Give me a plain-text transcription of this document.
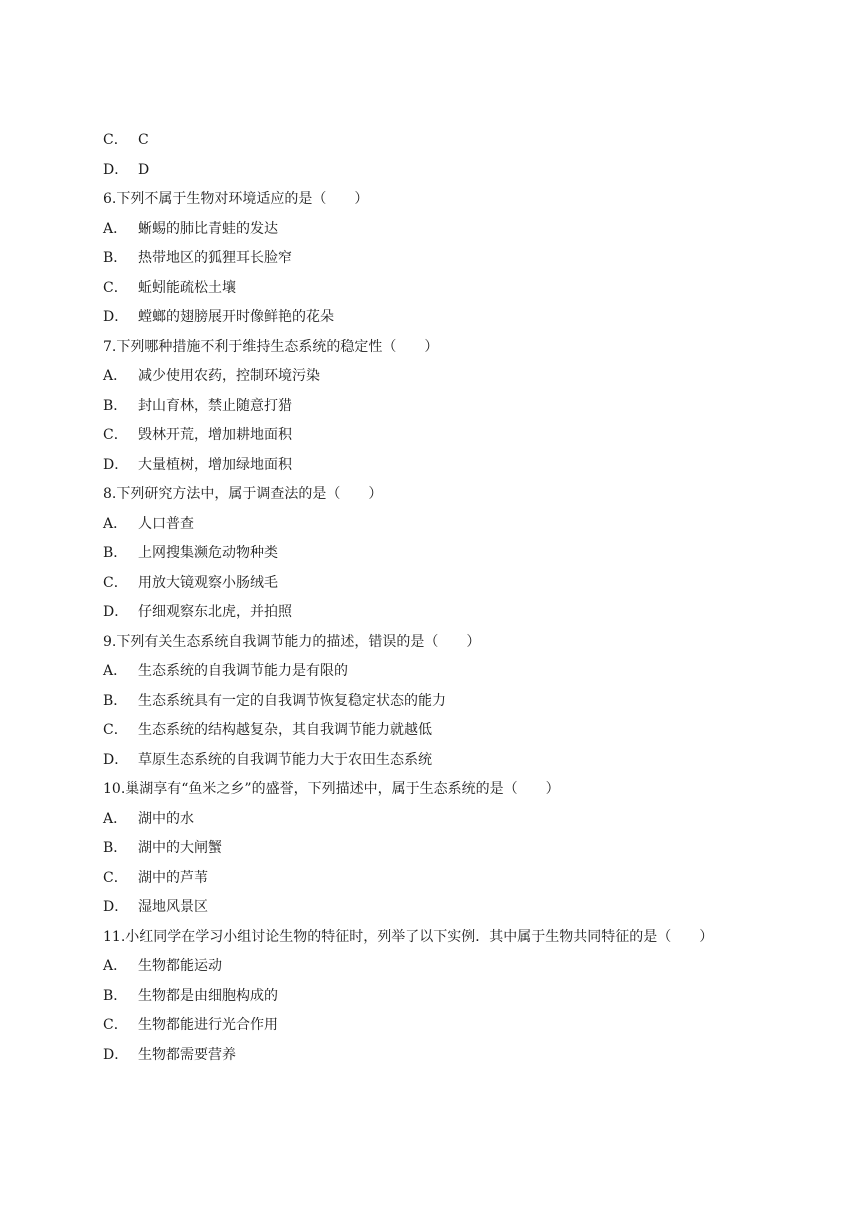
C． C
D． D
6.下列不属于生物对环境适应的是（　　）
A． 蜥蜴的肺比青蛙的发达
B． 热带地区的狐狸耳长脸窄
C． 蚯蚓能疏松土壤
D． 螳螂的翅膀展开时像鲜艳的花朵
7.下列哪种措施不利于维持生态系统的稳定性（　　）
A． 减少使用农药，控制环境污染
B． 封山育林，禁止随意打猎
C． 毁林开荒，增加耕地面积
D． 大量植树，增加绿地面积
8.下列研究方法中，属于调查法的是（　　）
A． 人口普查
B． 上网搜集濒危动物种类
C． 用放大镜观察小肠绒毛
D． 仔细观察东北虎，并拍照
9.下列有关生态系统自我调节能力的描述，错误的是（　　）
A． 生态系统的自我调节能力是有限的
B． 生态系统具有一定的自我调节恢复稳定状态的能力
C． 生态系统的结构越复杂，其自我调节能力就越低
D． 草原生态系统的自我调节能力大于农田生态系统
10.巢湖享有“鱼米之乡”的盛誉，下列描述中，属于生态系统的是（　　）
A． 湖中的水
B． 湖中的大闸蟹
C． 湖中的芦苇
D． 湿地风景区
11.小红同学在学习小组讨论生物的特征时，列举了以下实例．其中属于生物共同特征的是（　　）
A． 生物都能运动
B． 生物都是由细胞构成的
C． 生物都能进行光合作用
D． 生物都需要营养
